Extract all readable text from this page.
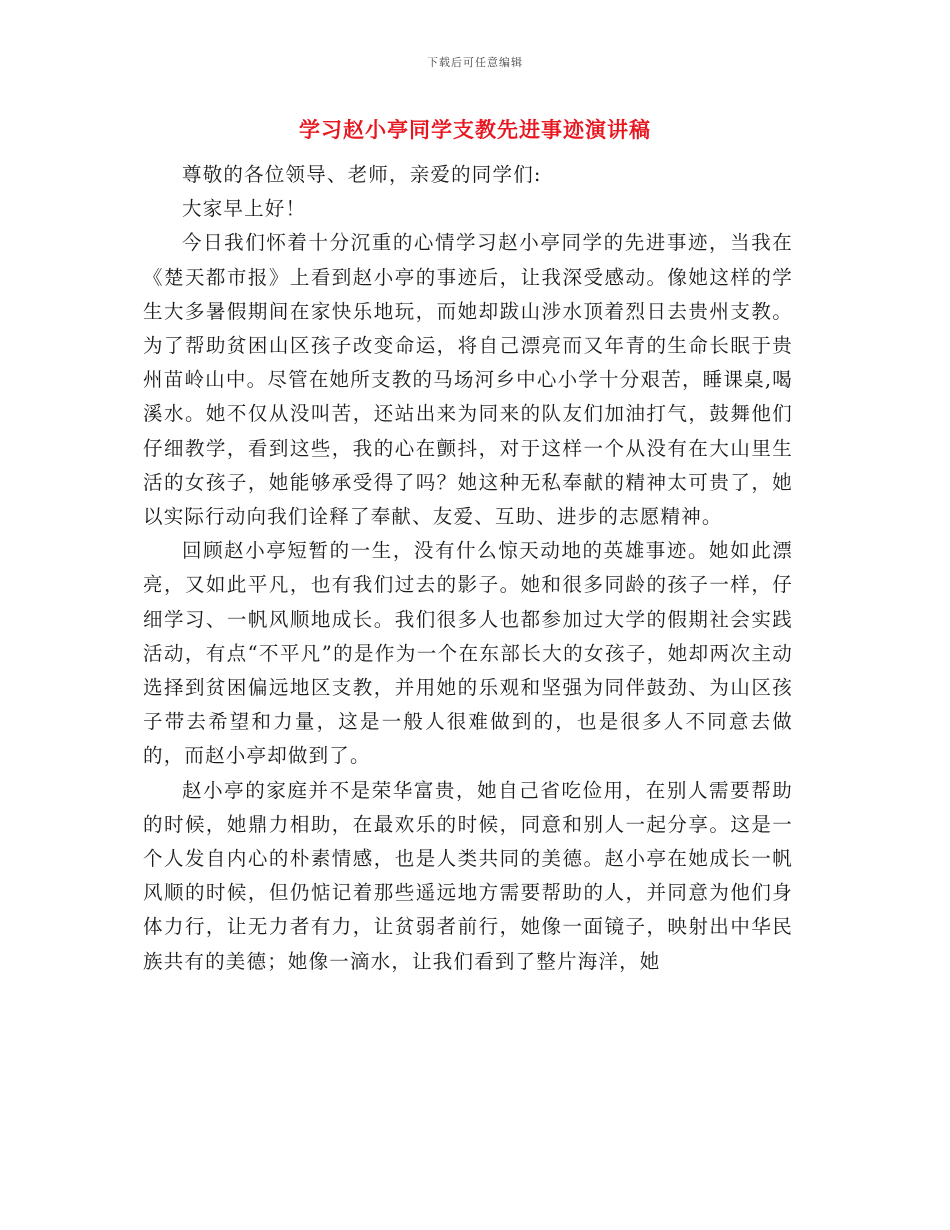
下载后可任意编辑
学习赵小亭同学支教先进事迹演讲稿

尊敬的各位领导、老师，亲爱的同学们:

大家早上好！

今日我们怀着十分沉重的心情学习赵小亭同学的先进事迹，当我在《楚天都市报》上看到赵小亭的事迹后，让我深受感动。像她这样的学生大多暑假期间在家快乐地玩，而她却跋山涉水顶着烈日去贵州支教。为了帮助贫困山区孩子改变命运，将自己漂亮而又年青的生命长眠于贵州苗岭山中。尽管在她所支教的马场河乡中心小学十分艰苦，睡课桌,喝溪水。她不仅从没叫苦，还站出来为同来的队友们加油打气，鼓舞他们仔细教学，看到这些，我的心在颤抖，对于这样一个从没有在大山里生活的女孩子，她能够承受得了吗？她这种无私奉献的精神太可贵了，她以实际行动向我们诠释了奉献、友爱、互助、进步的志愿精神。

回顾赵小亭短暂的一生，没有什么惊天动地的英雄事迹。她如此漂亮，又如此平凡，也有我们过去的影子。她和很多同龄的孩子一样，仔细学习、一帆风顺地成长。我们很多人也都参加过大学的假期社会实践活动，有点“不平凡”的是作为一个在东部长大的女孩子，她却两次主动选择到贫困偏远地区支教，并用她的乐观和坚强为同伴鼓劲、为山区孩子带去希望和力量，这是一般人很难做到的，也是很多人不同意去做的，而赵小亭却做到了。

赵小亭的家庭并不是荣华富贵，她自己省吃俭用，在别人需要帮助的时候，她鼎力相助，在最欢乐的时候，同意和别人一起分享。这是一个人发自内心的朴素情感，也是人类共同的美德。赵小亭在她成长一帆风顺的时候，但仍惦记着那些遥远地方需要帮助的人，并同意为他们身体力行，让无力者有力，让贫弱者前行，她像一面镜子，映射出中华民族共有的美德；她像一滴水，让我们看到了整片海洋，她
